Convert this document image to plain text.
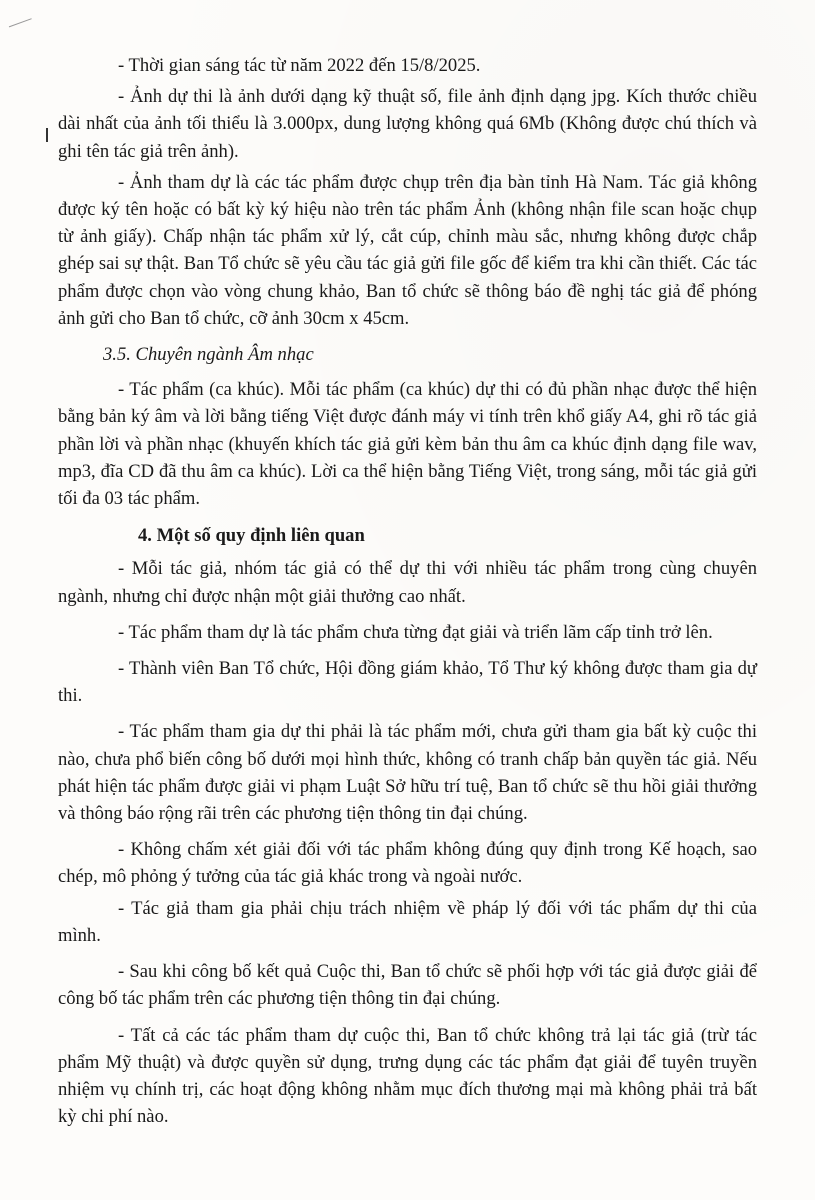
- Thời gian sáng tác từ năm 2022 đến 15/8/2025.

- Ảnh dự thi là ảnh dưới dạng kỹ thuật số, file ảnh định dạng jpg. Kích thước chiều dài nhất của ảnh tối thiểu là 3.000px, dung lượng không quá 6Mb (Không được chú thích và ghi tên tác giả trên ảnh).

- Ảnh tham dự là các tác phẩm được chụp trên địa bàn tỉnh Hà Nam. Tác giả không được ký tên hoặc có bất kỳ ký hiệu nào trên tác phẩm Ảnh (không nhận file scan hoặc chụp từ ảnh giấy). Chấp nhận tác phẩm xử lý, cắt cúp, chỉnh màu sắc, nhưng không được chắp ghép sai sự thật. Ban Tổ chức sẽ yêu cầu tác giả gửi file gốc để kiểm tra khi cần thiết. Các tác phẩm được chọn vào vòng chung khảo, Ban tổ chức sẽ thông báo đề nghị tác giả để phóng ảnh gửi cho Ban tổ chức, cỡ ảnh 30cm x 45cm.

3.5. Chuyên ngành Âm nhạc

- Tác phẩm (ca khúc). Mỗi tác phẩm (ca khúc) dự thi có đủ phần nhạc được thể hiện bằng bản ký âm và lời bằng tiếng Việt được đánh máy vi tính trên khổ giấy A4, ghi rõ tác giả phần lời và phần nhạc (khuyến khích tác giả gửi kèm bản thu âm ca khúc định dạng file wav, mp3, đĩa CD đã thu âm ca khúc). Lời ca thể hiện bằng Tiếng Việt, trong sáng, mỗi tác giả gửi tối đa 03 tác phẩm.

4. Một số quy định liên quan

- Mỗi tác giả, nhóm tác giả có thể dự thi với nhiều tác phẩm trong cùng chuyên ngành, nhưng chỉ được nhận một giải thưởng cao nhất.

- Tác phẩm tham dự là tác phẩm chưa từng đạt giải và triển lãm cấp tỉnh trở lên.

- Thành viên Ban Tổ chức, Hội đồng giám khảo, Tổ Thư ký không được tham gia dự thi.

- Tác phẩm tham gia dự thi phải là tác phẩm mới, chưa gửi tham gia bất kỳ cuộc thi nào, chưa phổ biến công bố dưới mọi hình thức, không có tranh chấp bản quyền tác giả. Nếu phát hiện tác phẩm được giải vi phạm Luật Sở hữu trí tuệ, Ban tổ chức sẽ thu hồi giải thưởng và thông báo rộng rãi trên các phương tiện thông tin đại chúng.

- Không chấm xét giải đối với tác phẩm không đúng quy định trong Kế hoạch, sao chép, mô phỏng ý tưởng của tác giả khác trong và ngoài nước.

- Tác giả tham gia phải chịu trách nhiệm về pháp lý đối với tác phẩm dự thi của mình.

- Sau khi công bố kết quả Cuộc thi, Ban tổ chức sẽ phối hợp với tác giả được giải để công bố tác phẩm trên các phương tiện thông tin đại chúng.

- Tất cả các tác phẩm tham dự cuộc thi, Ban tổ chức không trả lại tác giả (trừ tác phẩm Mỹ thuật) và được quyền sử dụng, trưng dụng các tác phẩm đạt giải để tuyên truyền nhiệm vụ chính trị, các hoạt động không nhằm mục đích thương mại mà không phải trả bất kỳ chi phí nào.
